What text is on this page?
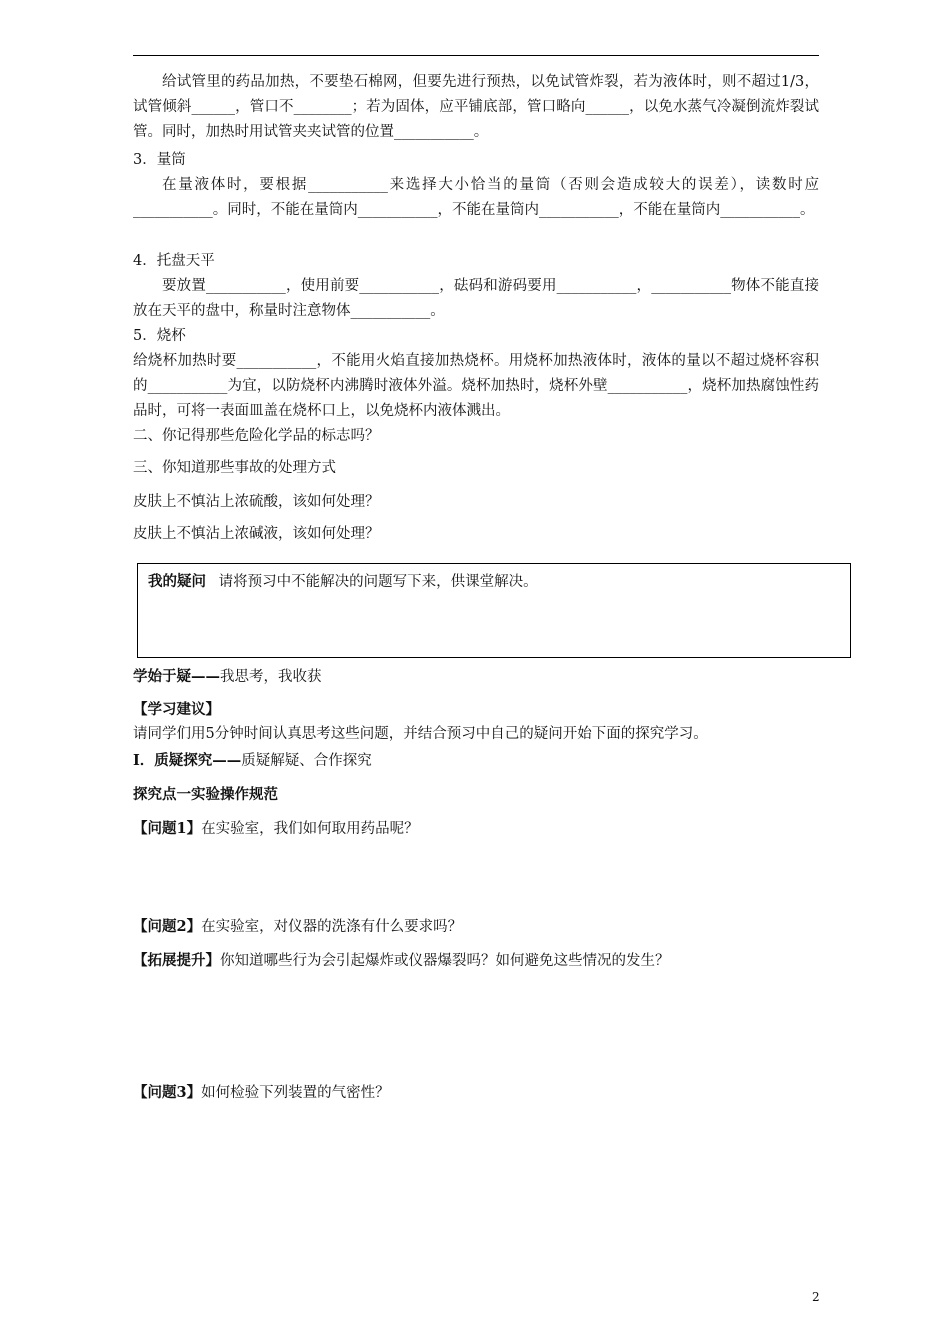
给试管里的药品加热，不要垫石棉网，但要先进行预热，以免试管炸裂，若为液体时，则不超过1/3，试管倾斜______，管口不________；若为固体，应平铺底部，管口略向______，以免水蒸气冷凝倒流炸裂试管。同时，加热时用试管夹夹试管的位置___________。

3．量筒

在量液体时，要根据___________来选择大小恰当的量筒（否则会造成较大的误差），读数时应___________。同时，不能在量筒内___________，不能在量筒内___________，不能在量筒内___________。

4．托盘天平

要放置___________，使用前要___________，砝码和游码要用___________，___________物体不能直接放在天平的盘中，称量时注意物体___________。

5．烧杯

给烧杯加热时要___________，不能用火焰直接加热烧杯。用烧杯加热液体时，液体的量以不超过烧杯容积的___________为宜，以防烧杯内沸腾时液体外溢。烧杯加热时，烧杯外壁___________，烧杯加热腐蚀性药品时，可将一表面皿盖在烧杯口上，以免烧杯内液体溅出。

二、你记得那些危险化学品的标志吗？

三、你知道那些事故的处理方式

皮肤上不慎沾上浓硫酸，该如何处理？

皮肤上不慎沾上浓碱液，该如何处理？

我的疑问 请将预习中不能解决的问题写下来，供课堂解决。

学始于疑——我思考，我收获

【学习建议】

请同学们用5分钟时间认真思考这些问题，并结合预习中自己的疑问开始下面的探究学习。

Ⅰ．质疑探究——质疑解疑、合作探究

探究点一实验操作规范

【问题1】在实验室，我们如何取用药品呢？

【问题2】在实验室，对仪器的洗涤有什么要求吗？

【拓展提升】你知道哪些行为会引起爆炸或仪器爆裂吗？如何避免这些情况的发生？

【问题3】如何检验下列装置的气密性？

2
